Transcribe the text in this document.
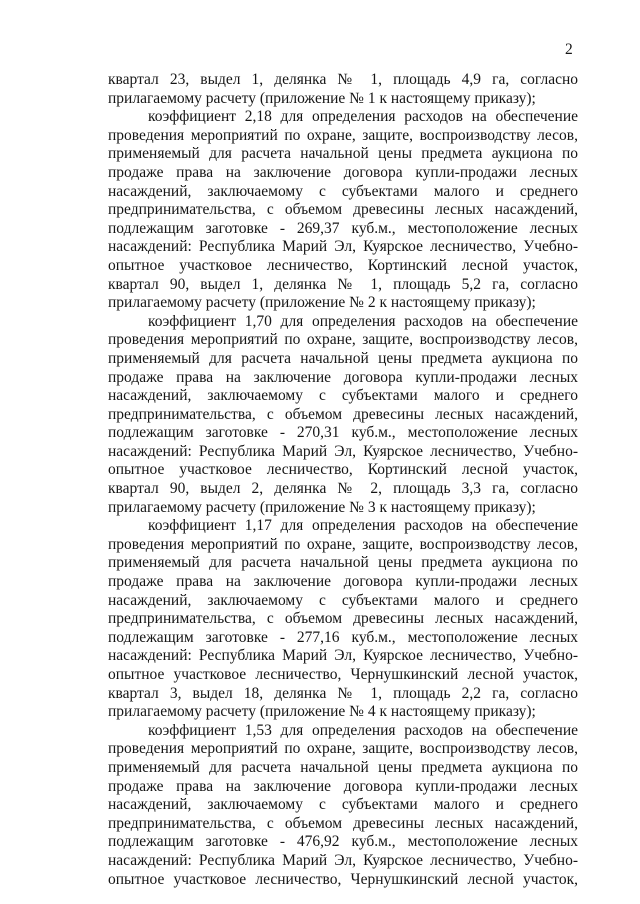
2
квартал 23, выдел 1, делянка № 1, площадь 4,9 га, согласно
прилагаемому расчету (приложение № 1 к настоящему приказу);
коэффициент 2,18 для определения расходов на обеспечение
проведения мероприятий по охране, защите, воспроизводству лесов,
применяемый для расчета начальной цены предмета аукциона по
продаже права на заключение договора купли-продажи лесных
насаждений, заключаемому с субъектами малого и среднего
предпринимательства, с объемом древесины лесных насаждений,
подлежащим заготовке - 269,37 куб.м., местоположение лесных
насаждений: Республика Марий Эл, Куярское лесничество, Учебно-
опытное участковое лесничество, Кортинский лесной участок,
квартал 90, выдел 1, делянка № 1, площадь 5,2 га, согласно
прилагаемому расчету (приложение № 2 к настоящему приказу);
коэффициент 1,70 для определения расходов на обеспечение
проведения мероприятий по охране, защите, воспроизводству лесов,
применяемый для расчета начальной цены предмета аукциона по
продаже права на заключение договора купли-продажи лесных
насаждений, заключаемому с субъектами малого и среднего
предпринимательства, с объемом древесины лесных насаждений,
подлежащим заготовке - 270,31 куб.м., местоположение лесных
насаждений: Республика Марий Эл, Куярское лесничество, Учебно-
опытное участковое лесничество, Кортинский лесной участок,
квартал 90, выдел 2, делянка № 2, площадь 3,3 га, согласно
прилагаемому расчету (приложение № 3 к настоящему приказу);
коэффициент 1,17 для определения расходов на обеспечение
проведения мероприятий по охране, защите, воспроизводству лесов,
применяемый для расчета начальной цены предмета аукциона по
продаже права на заключение договора купли-продажи лесных
насаждений, заключаемому с субъектами малого и среднего
предпринимательства, с объемом древесины лесных насаждений,
подлежащим заготовке - 277,16 куб.м., местоположение лесных
насаждений: Республика Марий Эл, Куярское лесничество, Учебно-
опытное участковое лесничество, Чернушкинский лесной участок,
квартал 3, выдел 18, делянка № 1, площадь 2,2 га, согласно
прилагаемому расчету (приложение № 4 к настоящему приказу);
коэффициент 1,53 для определения расходов на обеспечение
проведения мероприятий по охране, защите, воспроизводству лесов,
применяемый для расчета начальной цены предмета аукциона по
продаже права на заключение договора купли-продажи лесных
насаждений, заключаемому с субъектами малого и среднего
предпринимательства, с объемом древесины лесных насаждений,
подлежащим заготовке - 476,92 куб.м., местоположение лесных
насаждений: Республика Марий Эл, Куярское лесничество, Учебно-
опытное участковое лесничество, Чернушкинский лесной участок,
